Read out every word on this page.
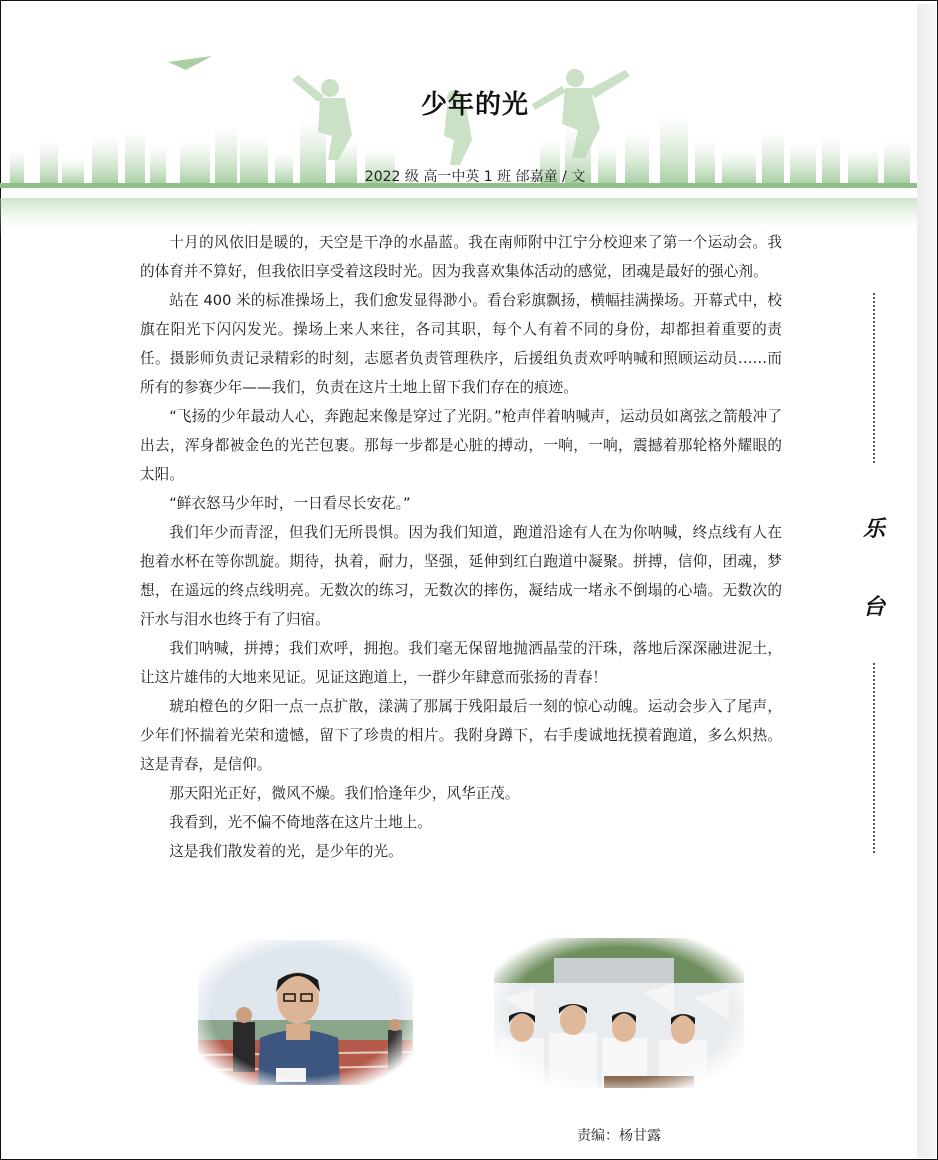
少年的光
2022 级 高一中英 1 班 邰嘉童 / 文

十月的风依旧是暖的，天空是干净的水晶蓝。我在南师附中江宁分校迎来了第一个运动会。我的体育并不算好，但我依旧享受着这段时光。因为我喜欢集体活动的感觉，团魂是最好的强心剂。

站在 400 米的标准操场上，我们愈发显得渺小。看台彩旗飘扬，横幅挂满操场。开幕式中，校旗在阳光下闪闪发光。操场上来人来往，各司其职，每个人有着不同的身份，却都担着重要的责任。摄影师负责记录精彩的时刻，志愿者负责管理秩序，后援组负责欢呼呐喊和照顾运动员……而所有的参赛少年——我们，负责在这片土地上留下我们存在的痕迹。

“飞扬的少年最动人心，奔跑起来像是穿过了光阴。”枪声伴着呐喊声，运动员如离弦之箭般冲了出去，浑身都被金色的光芒包裹。那每一步都是心脏的搏动，一响，一响，震撼着那轮格外耀眼的太阳。

“鲜衣怒马少年时，一日看尽长安花。”

我们年少而青涩，但我们无所畏惧。因为我们知道，跑道沿途有人在为你呐喊，终点线有人在抱着水杯在等你凯旋。期待，执着，耐力，坚强，延伸到红白跑道中凝聚。拼搏，信仰，团魂，梦想，在遥远的终点线明亮。无数次的练习，无数次的摔伤，凝结成一堵永不倒塌的心墙。无数次的汗水与泪水也终于有了归宿。

我们呐喊，拼搏；我们欢呼，拥抱。我们毫无保留地抛洒晶莹的汗珠，落地后深深融进泥土，让这片雄伟的大地来见证。见证这跑道上，一群少年肆意而张扬的青春！

琥珀橙色的夕阳一点一点扩散，漾满了那属于残阳最后一刻的惊心动魄。运动会步入了尾声，少年们怀揣着光荣和遗憾，留下了珍贵的相片。我附身蹲下，右手虔诚地抚摸着跑道，多么炽热。这是青春，是信仰。

那天阳光正好，微风不燥。我们恰逢年少，风华正茂。

我看到，光不偏不倚地落在这片土地上。

这是我们散发着的光，是少年的光。

乐
台
责编：杨甘露
